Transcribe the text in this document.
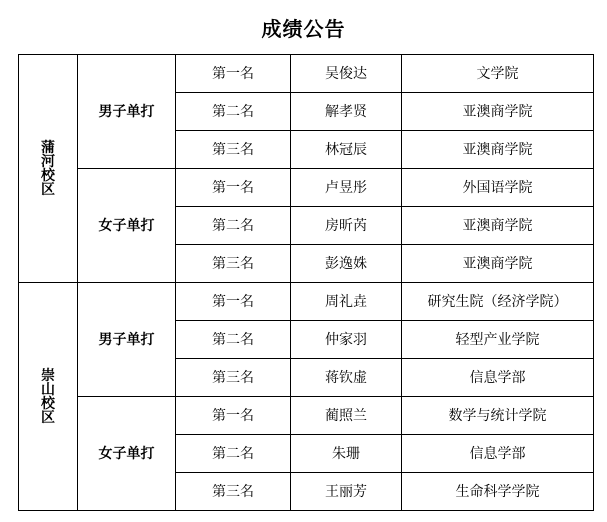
成绩公告
蒲
河
校
区	男子单打	第一名	吴俊达	文学院
		第二名	解孝贤	亚澳商学院
		第三名	林冠辰	亚澳商学院
	女子单打	第一名	卢昱彤	外国语学院
		第二名	房昕芮	亚澳商学院
		第三名	彭逸姝	亚澳商学院

崇
山
校
区	男子单打	第一名	周礼垚	研究生院（经济学院）
		第二名	仲家羽	轻型产业学院
		第三名	蒋钦虚	信息学部
	女子单打	第一名	蔺照兰	数学与统计学院
		第二名	朱珊	信息学部
		第三名	王丽芳	生命科学学院
